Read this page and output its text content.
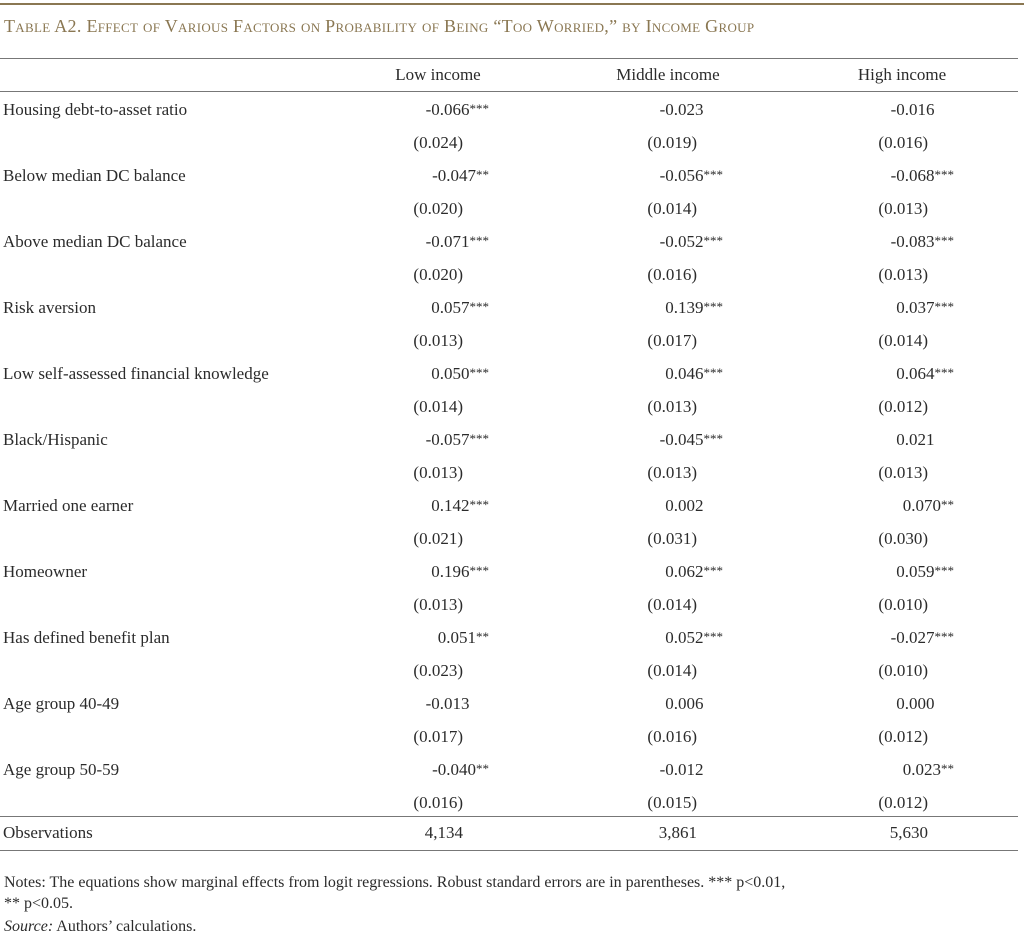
Table A2. Effect of Various Factors on Probability of Being “Too Worried,” by Income Group
Low income	Middle income	High income
Housing debt-to-asset ratio	-0.066***	-0.023	-0.016
(0.024)	(0.019)	(0.016)
Below median DC balance	-0.047**	-0.056***	-0.068***
(0.020)	(0.014)	(0.013)
Above median DC balance	-0.071***	-0.052***	-0.083***
(0.020)	(0.016)	(0.013)
Risk aversion	0.057***	0.139***	0.037***
(0.013)	(0.017)	(0.014)
Low self-assessed financial knowledge	0.050***	0.046***	0.064***
(0.014)	(0.013)	(0.012)
Black/Hispanic	-0.057***	-0.045***	0.021
(0.013)	(0.013)	(0.013)
Married one earner	0.142***	0.002	0.070**
(0.021)	(0.031)	(0.030)
Homeowner	0.196***	0.062***	0.059***
(0.013)	(0.014)	(0.010)
Has defined benefit plan	0.051**	0.052***	-0.027***
(0.023)	(0.014)	(0.010)
Age group 40-49	-0.013	0.006	0.000
(0.017)	(0.016)	(0.012)
Age group 50-59	-0.040**	-0.012	0.023**
(0.016)	(0.015)	(0.012)
Observations	4,134	3,861	5,630
Notes: The equations show marginal effects from logit regressions. Robust standard errors are in parentheses. *** p<0.01,
** p<0.05.
Source: Authors’ calculations.
